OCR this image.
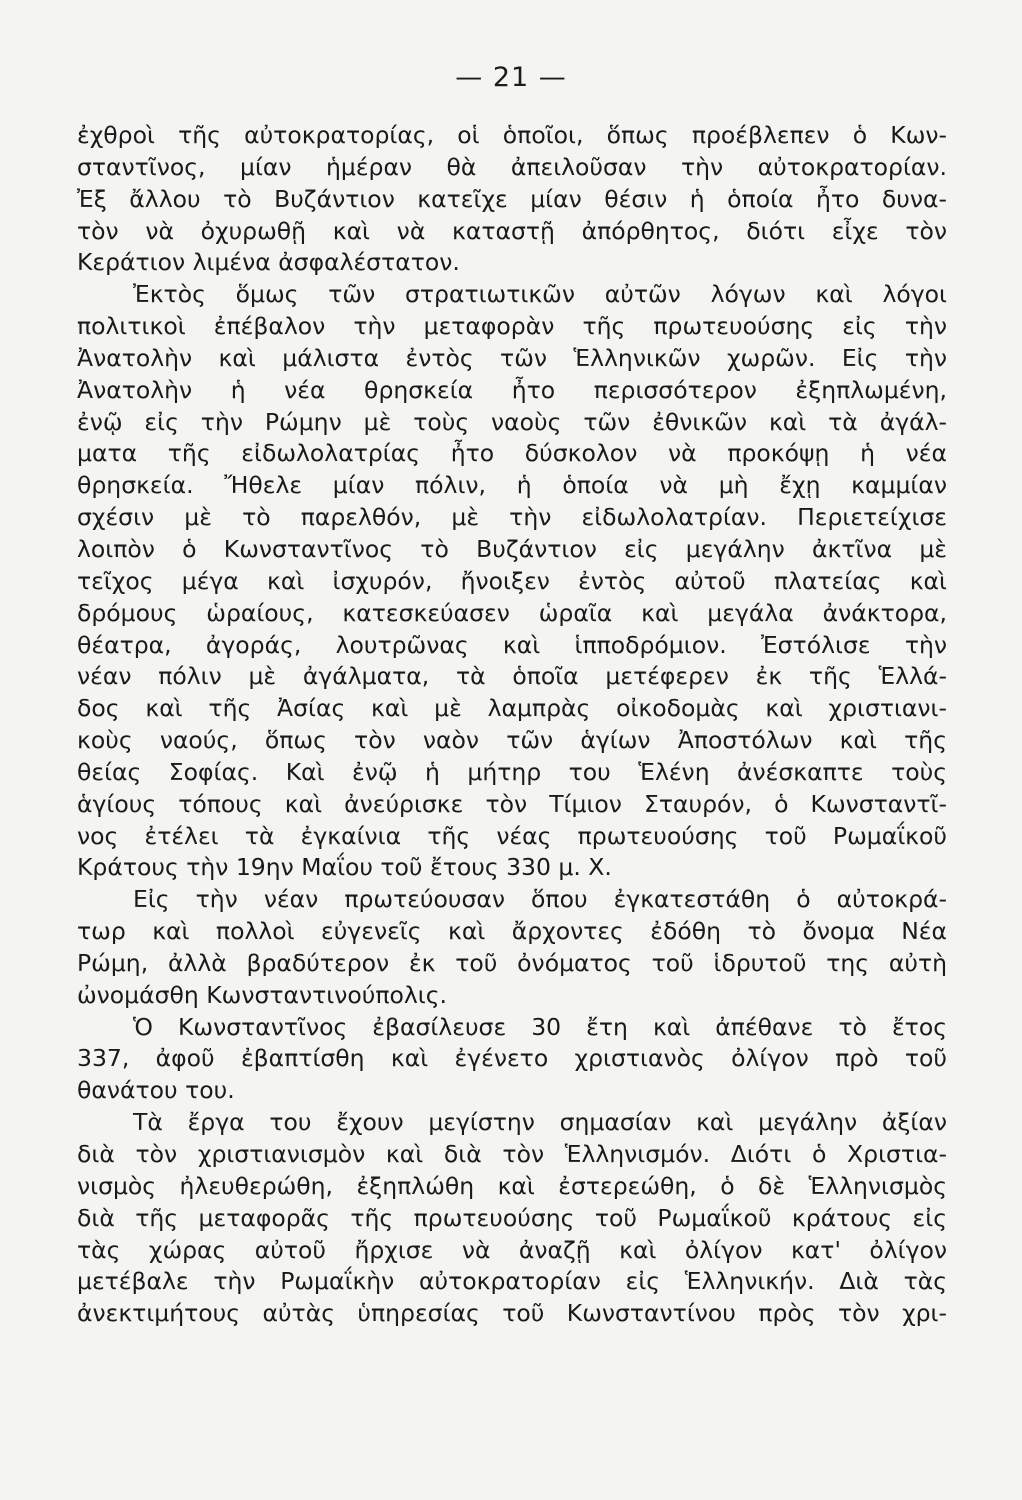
— 21 —
ἐχθροὶ τῆς αὐτοκρατορίας, οἱ ὁποῖοι, ὅπως προέβλεπεν ὁ Κων-
σταντῖνος, μίαν ἡμέραν θὰ ἀπειλοῦσαν τὴν αὐτοκρατορίαν.
Ἐξ ἄλλου τὸ Βυζάντιον κατεῖχε μίαν θέσιν ἡ ὁποία ἦτο δυνα-
τὸν νὰ ὀχυρωθῇ καὶ νὰ καταστῇ ἀπόρθητος, διότι εἶχε τὸν
Κεράτιον λιμένα ἀσφαλέστατον.
Ἐκτὸς ὅμως τῶν στρατιωτικῶν αὐτῶν λόγων καὶ λόγοι
πολιτικοὶ ἐπέβαλον τὴν μεταφορὰν τῆς πρωτευούσης εἰς τὴν
Ἀνατολὴν καὶ μάλιστα ἐντὸς τῶν Ἑλληνικῶν χωρῶν. Εἰς τὴν
Ἀνατολὴν ἡ νέα θρησκεία ἦτο περισσότερον ἐξηπλωμένη,
ἐνῷ εἰς τὴν Ρώμην μὲ τοὺς ναοὺς τῶν ἐθνικῶν καὶ τὰ ἀγάλ-
ματα τῆς εἰδωλολατρίας ἦτο δύσκολον νὰ προκόψῃ ἡ νέα
θρησκεία. Ἤθελε μίαν πόλιν, ἡ ὁποία νὰ μὴ ἔχῃ καμμίαν
σχέσιν μὲ τὸ παρελθόν, μὲ τὴν εἰδωλολατρίαν. Περιετείχισε
λοιπὸν ὁ Κωνσταντῖνος τὸ Βυζάντιον εἰς μεγάλην ἀκτῖνα μὲ
τεῖχος μέγα καὶ ἰσχυρόν, ἤνοιξεν ἐντὸς αὐτοῦ πλατείας καὶ
δρόμους ὡραίους, κατεσκεύασεν ὡραῖα καὶ μεγάλα ἀνάκτορα,
θέατρα, ἀγοράς, λουτρῶνας καὶ ἱπποδρόμιον. Ἐστόλισε τὴν
νέαν πόλιν μὲ ἀγάλματα, τὰ ὁποῖα μετέφερεν ἐκ τῆς Ἑλλά-
δος καὶ τῆς Ἀσίας καὶ μὲ λαμπρὰς οἰκοδομὰς καὶ χριστιανι-
κοὺς ναούς, ὅπως τὸν ναὸν τῶν ἁγίων Ἀποστόλων καὶ τῆς
θείας Σοφίας. Καὶ ἐνῷ ἡ μήτηρ του Ἑλένη ἀνέσκαπτε τοὺς
ἁγίους τόπους καὶ ἀνεύρισκε τὸν Τίμιον Σταυρόν, ὁ Κωνσταντῖ-
νος ἐτέλει τὰ ἐγκαίνια τῆς νέας πρωτευούσης τοῦ Ρωμαΐκοῦ
Κράτους τὴν 19ην Μαΐου τοῦ ἔτους 330 μ. Χ.
Εἰς τὴν νέαν πρωτεύουσαν ὅπου ἐγκατεστάθη ὁ αὐτοκρά-
τωρ καὶ πολλοὶ εὐγενεῖς καὶ ἄρχοντες ἐδόθη τὸ ὄνομα Νέα
Ρώμη, ἀλλὰ βραδύτερον ἐκ τοῦ ὀνόματος τοῦ ἱδρυτοῦ της αὐτὴ
ὠνομάσθη Κωνσταντινούπολις.
Ὁ Κωνσταντῖνος ἐβασίλευσε 30 ἔτη καὶ ἀπέθανε τὸ ἔτος
337, ἀφοῦ ἐβαπτίσθη καὶ ἐγένετο χριστιανὸς ὀλίγον πρὸ τοῦ
θανάτου του.
Τὰ ἔργα του ἔχουν μεγίστην σημασίαν καὶ μεγάλην ἀξίαν
διὰ τὸν χριστιανισμὸν καὶ διὰ τὸν Ἑλληνισμόν. Διότι ὁ Χριστια-
νισμὸς ἠλευθερώθη, ἐξηπλώθη καὶ ἐστερεώθη, ὁ δὲ Ἑλληνισμὸς
διὰ τῆς μεταφορᾶς τῆς πρωτευούσης τοῦ Ρωμαΐκοῦ κράτους εἰς
τὰς χώρας αὐτοῦ ἤρχισε νὰ ἀναζῇ καὶ ὀλίγον κατ' ὀλίγον
μετέβαλε τὴν Ρωμαΐκὴν αὐτοκρατορίαν εἰς Ἑλληνικήν. Διὰ τὰς
ἀνεκτιμήτους αὐτὰς ὑπηρεσίας τοῦ Κωνσταντίνου πρὸς τὸν χρι-
